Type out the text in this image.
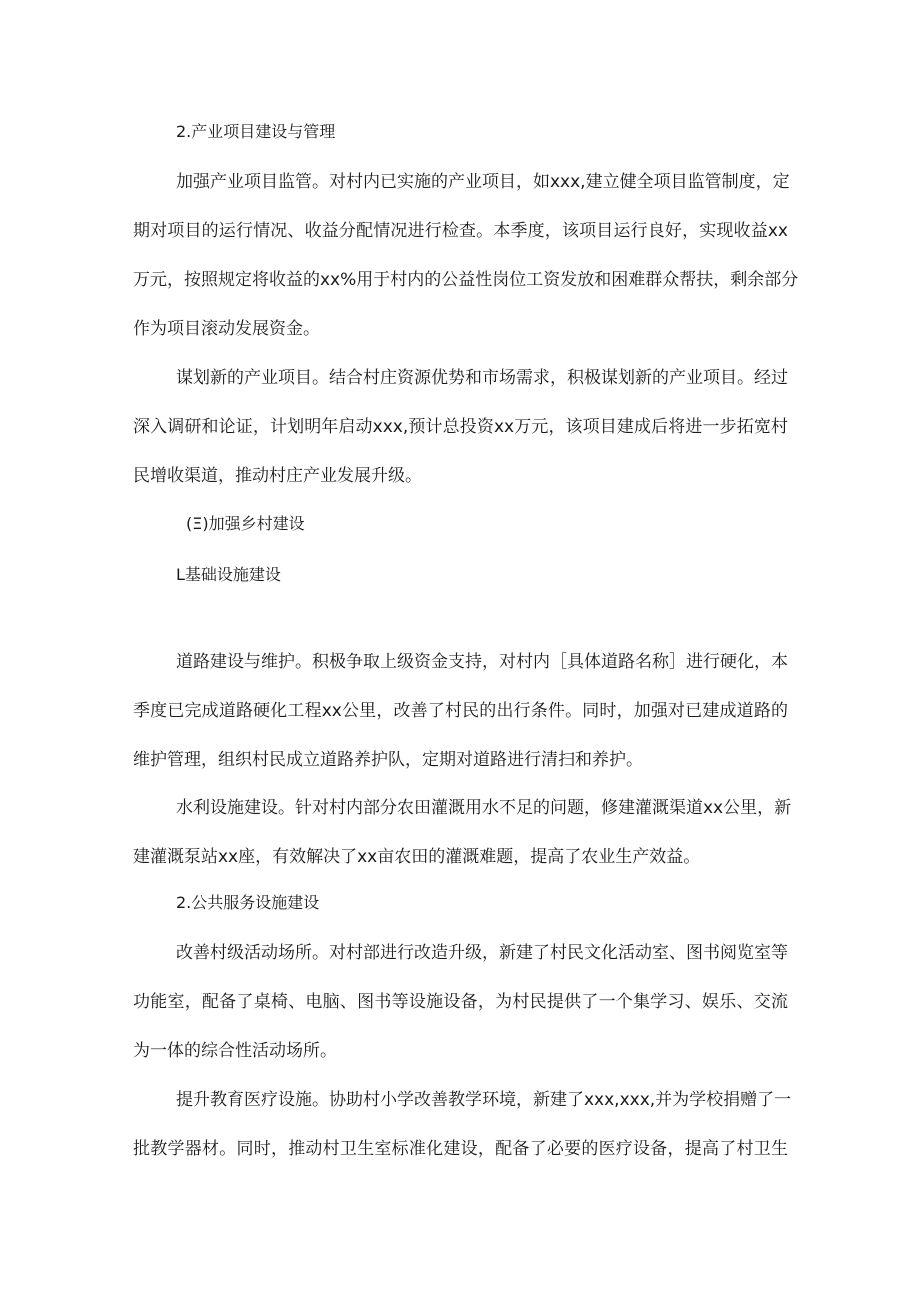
2.产业项目建设与管理
加强产业项目监管。对村内已实施的产业项目，如xxx,建立健全项目监管制度，定
期对项目的运行情况、收益分配情况进行检查。本季度，该项目运行良好，实现收益xx
万元，按照规定将收益的xx%用于村内的公益性岗位工资发放和困难群众帮扶，剩余部分
作为项目滚动发展资金。
谋划新的产业项目。结合村庄资源优势和市场需求，积极谋划新的产业项目。经过
深入调研和论证，计划明年启动xxx,预计总投资xx万元，该项目建成后将进一步拓宽村
民增收渠道，推动村庄产业发展升级。
(Ξ)加强乡村建设
L基础设施建设
道路建设与维护。积极争取上级资金支持，对村内［具体道路名称］进行硬化，本
季度已完成道路硬化工程xx公里，改善了村民的出行条件。同时，加强对已建成道路的
维护管理，组织村民成立道路养护队，定期对道路进行清扫和养护。
水利设施建设。针对村内部分农田灌溉用水不足的问题，修建灌溉渠道xx公里，新
建灌溉泵站xx座，有效解决了xx亩农田的灌溉难题，提高了农业生产效益。
2.公共服务设施建设
改善村级活动场所。对村部进行改造升级，新建了村民文化活动室、图书阅览室等
功能室，配备了桌椅、电脑、图书等设施设备，为村民提供了一个集学习、娱乐、交流
为一体的综合性活动场所。
提升教育医疗设施。协助村小学改善教学环境，新建了xxx,xxx,并为学校捐赠了一
批教学器材。同时，推动村卫生室标准化建设，配备了必要的医疗设备，提高了村卫生
